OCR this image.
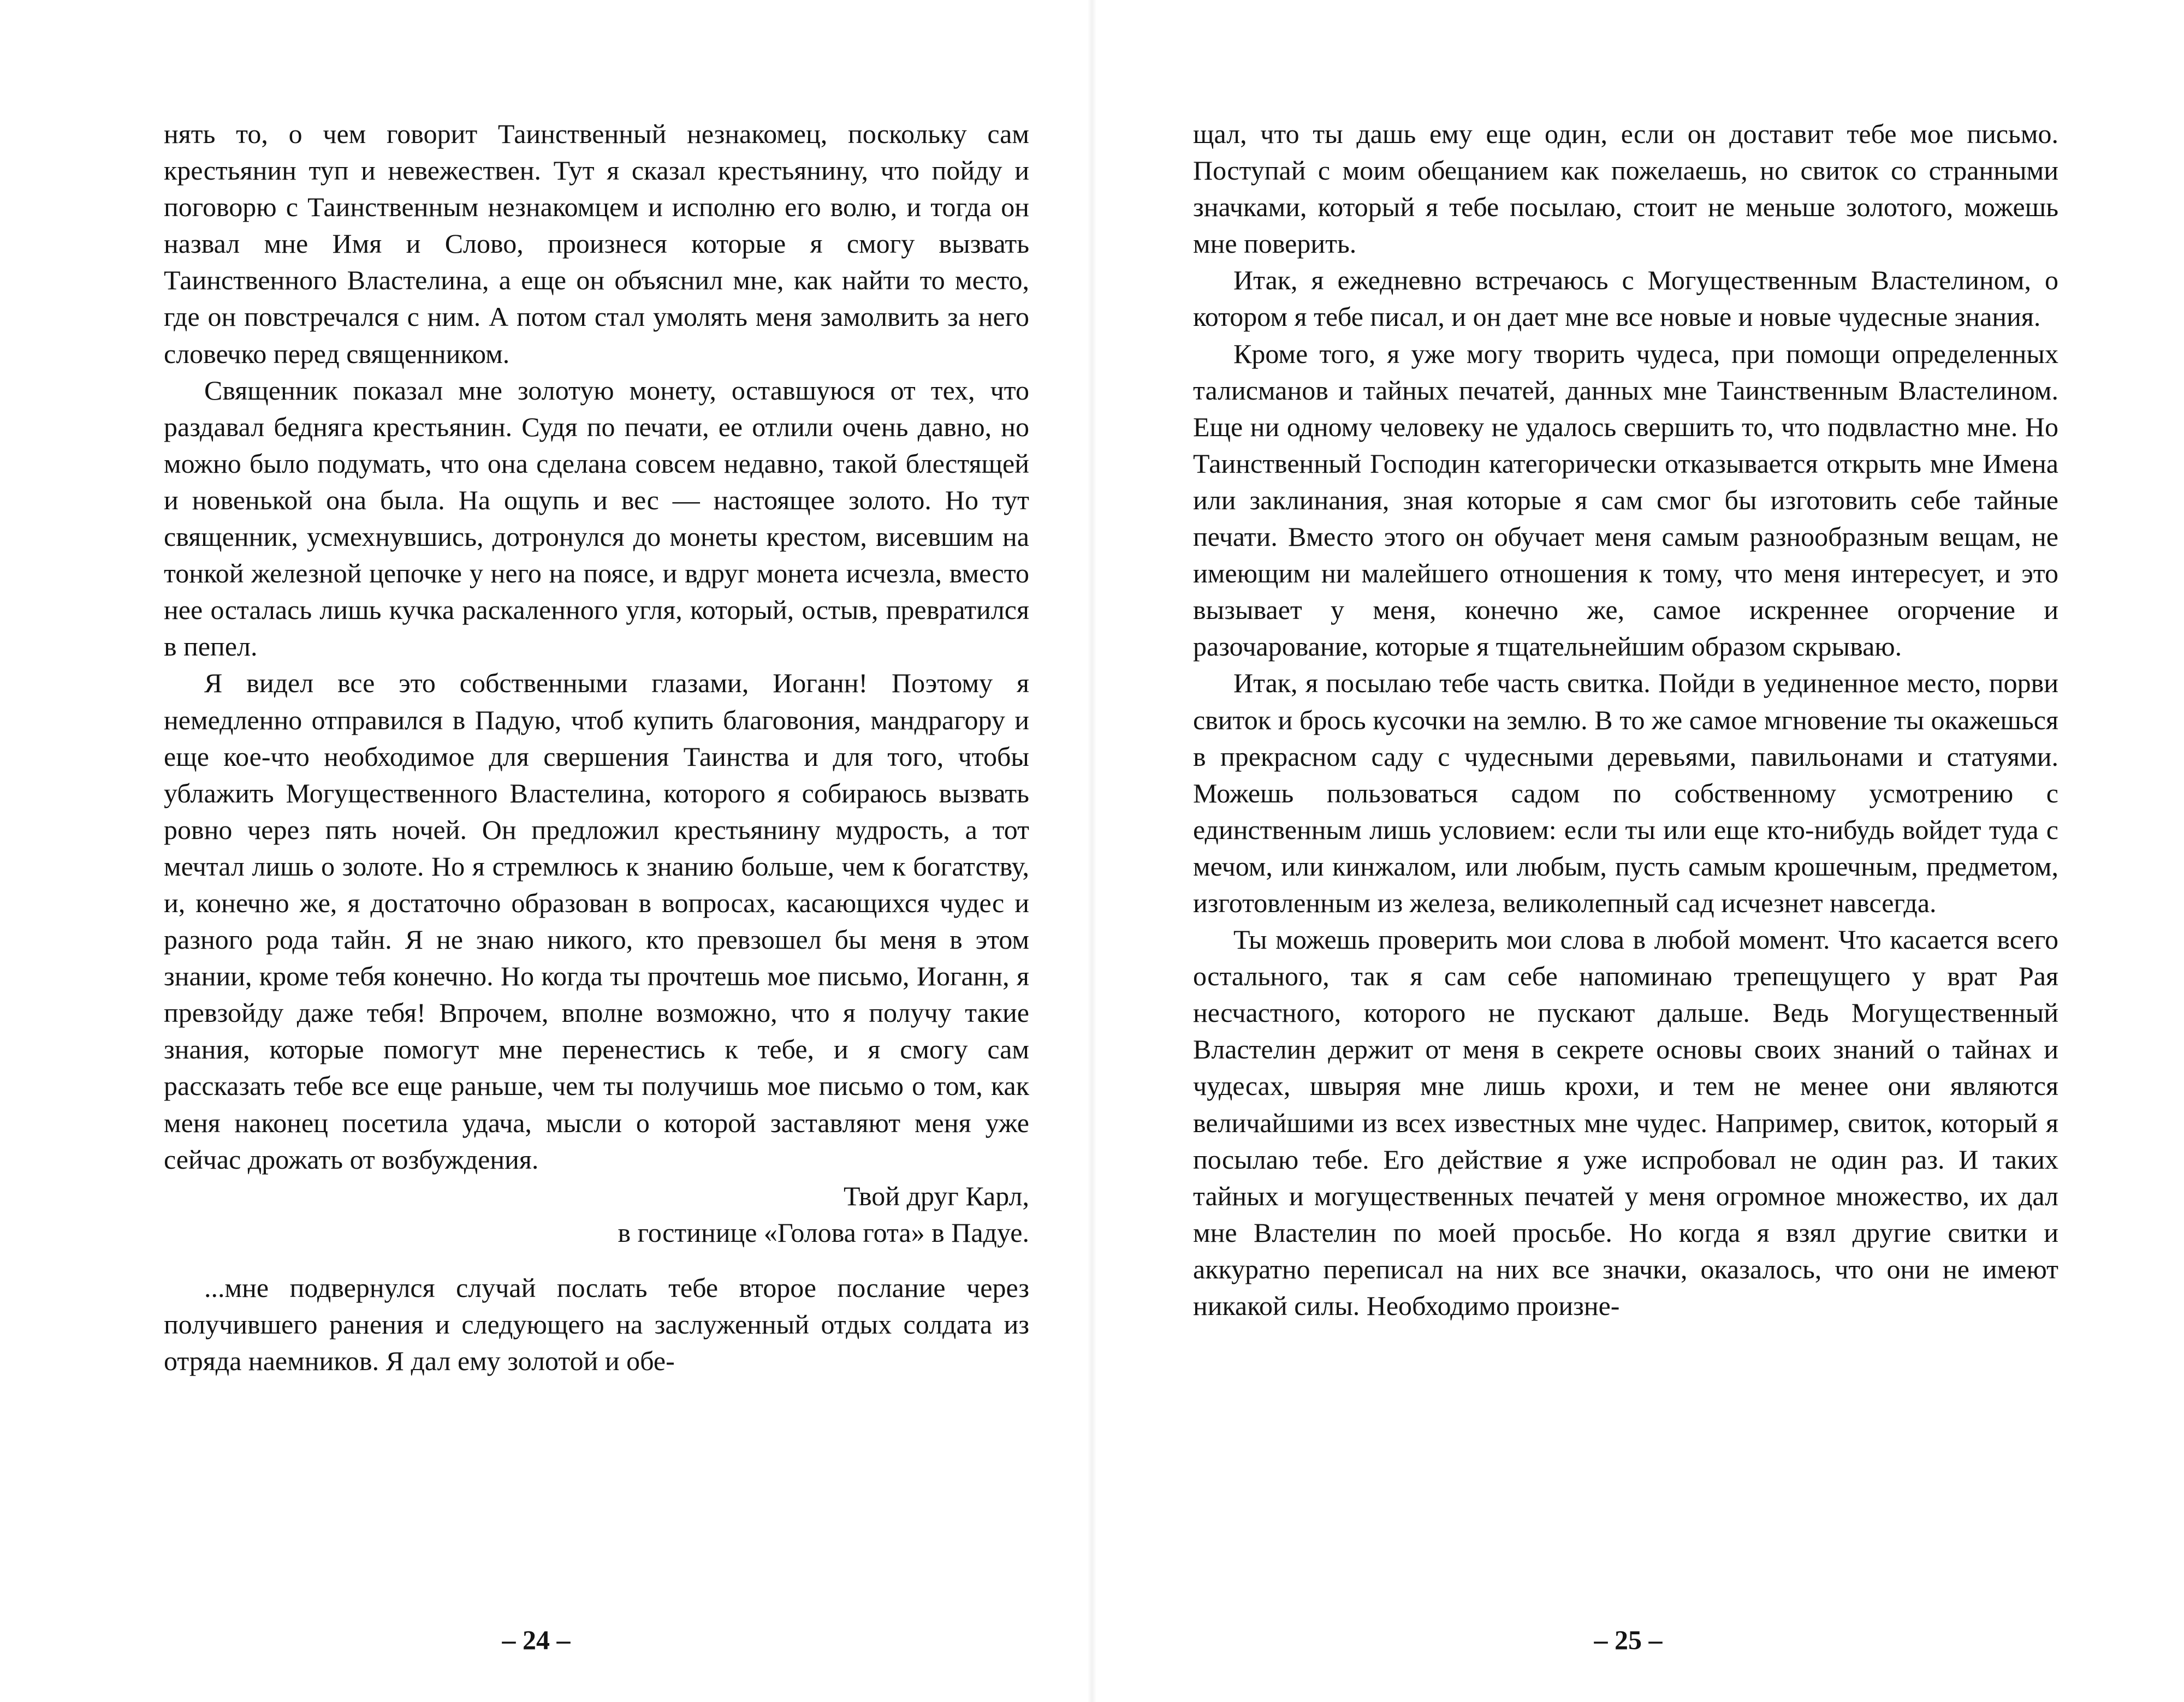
нять то, о чем говорит Таинственный незнакомец, поскольку сам крестьянин туп и невежествен. Тут я сказал крестьянину, что пойду и поговорю с Таинственным незнакомцем и исполню его волю, и тогда он назвал мне Имя и Слово, произнеся которые я смогу вызвать Таинственного Властелина, а еще он объяснил мне, как найти то место, где он повстречался с ним. А потом стал умолять меня замолвить за него словечко перед священником.

Священник показал мне золотую монету, оставшуюся от тех, что раздавал бедняга крестьянин. Судя по печати, ее отлили очень давно, но можно было подумать, что она сделана совсем недавно, такой блестящей и новенькой она была. На ощупь и вес — настоящее золото. Но тут священник, усмехнувшись, дотронулся до монеты крестом, висевшим на тонкой железной цепочке у него на поясе, и вдруг монета исчезла, вместо нее осталась лишь кучка раскаленного угля, который, остыв, превратился в пепел.

Я видел все это собственными глазами, Иоганн! Поэтому я немедленно отправился в Падую, чтоб купить благовония, мандрагору и еще кое-что необходимое для свершения Таинства и для того, чтобы ублажить Могущественного Властелина, которого я собираюсь вызвать ровно через пять ночей. Он предложил крестьянину мудрость, а тот мечтал лишь о золоте. Но я стремлюсь к знанию больше, чем к богатству, и, конечно же, я достаточно образован в вопросах, касающихся чудес и разного рода тайн. Я не знаю никого, кто превзошел бы меня в этом знании, кроме тебя конечно. Но когда ты прочтешь мое письмо, Иоганн, я превзойду даже тебя! Впрочем, вполне возможно, что я получу такие знания, которые помогут мне перенестись к тебе, и я смогу сам рассказать тебе все еще раньше, чем ты получишь мое письмо о том, как меня наконец посетила удача, мысли о которой заставляют меня уже сейчас дрожать от возбуждения.

Твой друг Карл,

в гостинице «Голова гота» в Падуе.

...мне подвернулся случай послать тебе второе послание через получившего ранения и следующего на заслуженный отдых солдата из отряда наемников. Я дал ему золотой и обе-

– 24 –

щал, что ты дашь ему еще один, если он доставит тебе мое письмо. Поступай с моим обещанием как пожелаешь, но свиток со странными значками, который я тебе посылаю, стоит не меньше золотого, можешь мне поверить.

Итак, я ежедневно встречаюсь с Могущественным Властелином, о котором я тебе писал, и он дает мне все новые и новые чудесные знания.

Кроме того, я уже могу творить чудеса, при помощи определенных талисманов и тайных печатей, данных мне Таинственным Властелином. Еще ни одному человеку не удалось свершить то, что подвластно мне. Но Таинственный Господин категорически отказывается открыть мне Имена или заклинания, зная которые я сам смог бы изготовить себе тайные печати. Вместо этого он обучает меня самым разнообразным вещам, не имеющим ни малейшего отношения к тому, что меня интересует, и это вызывает у меня, конечно же, самое искреннее огорчение и разочарование, которые я тщательнейшим образом скрываю.

Итак, я посылаю тебе часть свитка. Пойди в уединенное место, порви свиток и брось кусочки на землю. В то же самое мгновение ты окажешься в прекрасном саду с чудесными деревьями, павильонами и статуями. Можешь пользоваться садом по собственному усмотрению с единственным лишь условием: если ты или еще кто-нибудь войдет туда с мечом, или кинжалом, или любым, пусть самым крошечным, предметом, изготовленным из железа, великолепный сад исчезнет навсегда.

Ты можешь проверить мои слова в любой момент. Что касается всего остального, так я сам себе напоминаю трепещущего у врат Рая несчастного, которого не пускают дальше. Ведь Могущественный Властелин держит от меня в секрете основы своих знаний о тайнах и чудесах, швыряя мне лишь крохи, и тем не менее они являются величайшими из всех известных мне чудес. Например, свиток, который я посылаю тебе. Его действие я уже испробовал не один раз. И таких тайных и могущественных печатей у меня огромное множество, их дал мне Властелин по моей просьбе. Но когда я взял другие свитки и аккуратно переписал на них все значки, оказалось, что они не имеют никакой силы. Необходимо произне-

– 25 –
